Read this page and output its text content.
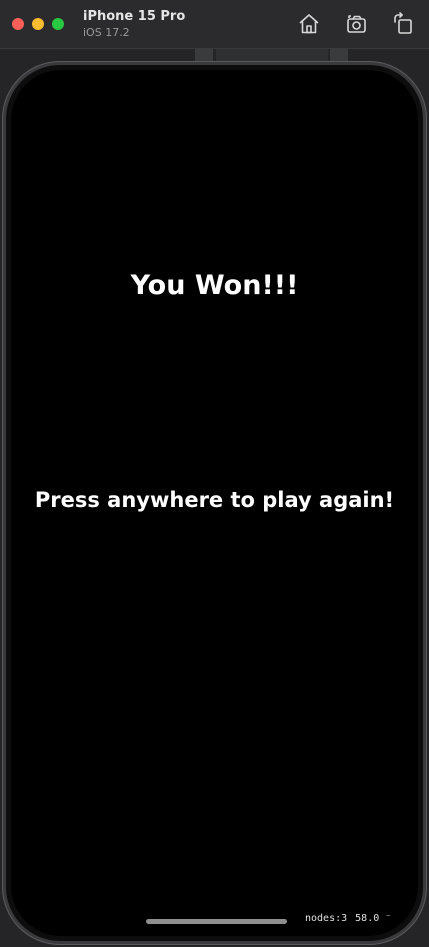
iPhone 15 Pro
iOS 17.2
You Won!!!
Press anywhere to play again!
nodes:3 58.0 ⁻
